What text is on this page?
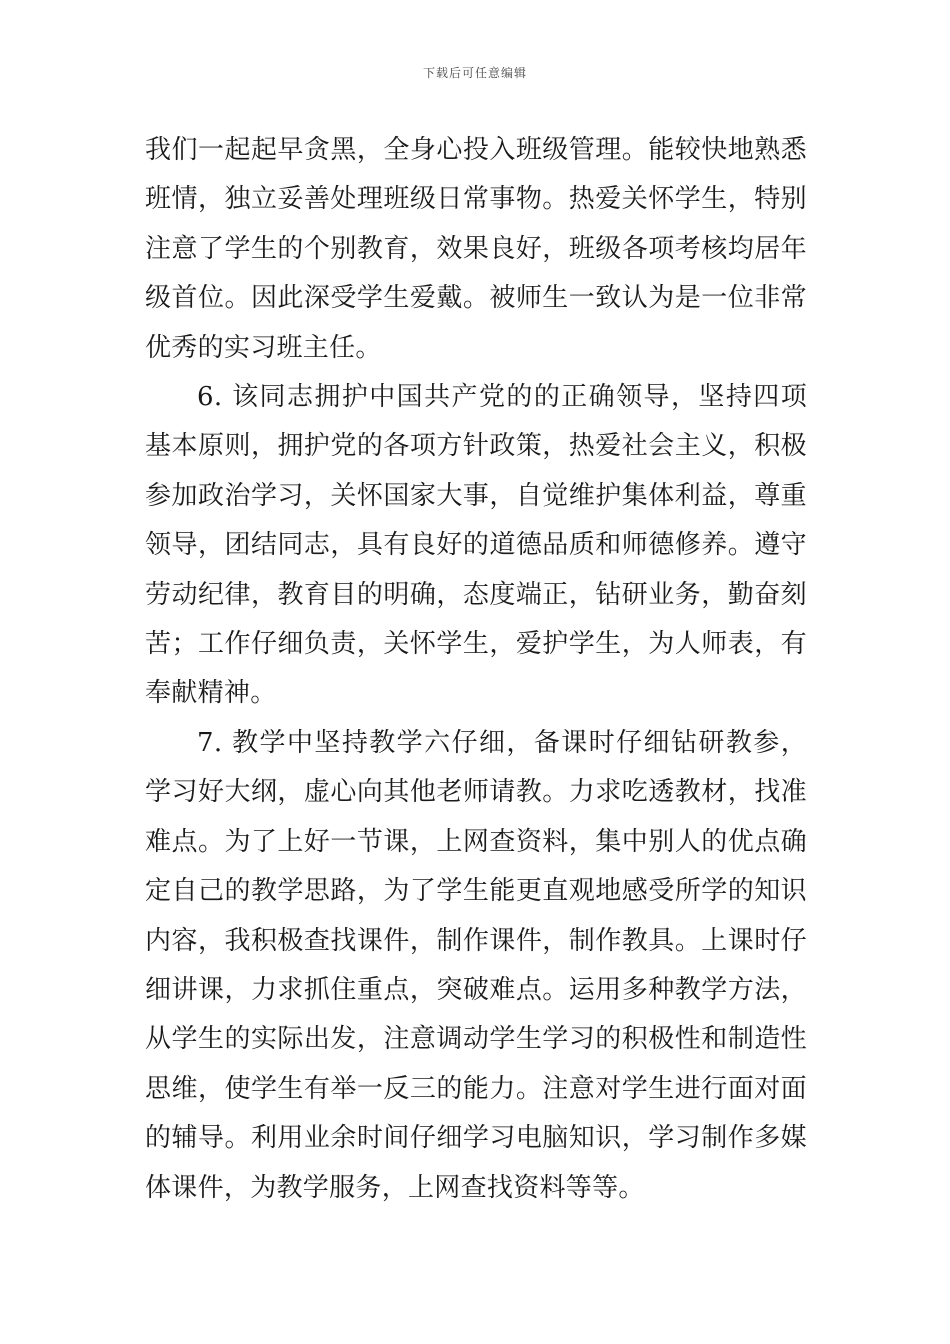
下载后可任意编辑

我们一起起早贪黑，全身心投入班级管理。能较快地熟悉班情，独立妥善处理班级日常事物。热爱关怀学生，特别注意了学生的个别教育，效果良好，班级各项考核均居年级首位。因此深受学生爱戴。被师生一致认为是一位非常优秀的实习班主任。

6. 该同志拥护中国共产党的的正确领导，坚持四项基本原则，拥护党的各项方针政策，热爱社会主义，积极参加政治学习，关怀国家大事，自觉维护集体利益，尊重领导，团结同志，具有良好的道德品质和师德修养。遵守劳动纪律，教育目的明确，态度端正，钻研业务，勤奋刻苦；工作仔细负责，关怀学生，爱护学生，为人师表，有奉献精神。

7. 教学中坚持教学六仔细，备课时仔细钻研教参，学习好大纲，虚心向其他老师请教。力求吃透教材，找准难点。为了上好一节课，上网查资料，集中别人的优点确定自己的教学思路，为了学生能更直观地感受所学的知识内容，我积极查找课件，制作课件，制作教具。上课时仔细讲课，力求抓住重点，突破难点。运用多种教学方法，从学生的实际出发，注意调动学生学习的积极性和制造性思维，使学生有举一反三的能力。注意对学生进行面对面的辅导。利用业余时间仔细学习电脑知识，学习制作多媒体课件，为教学服务，上网查找资料等等。
